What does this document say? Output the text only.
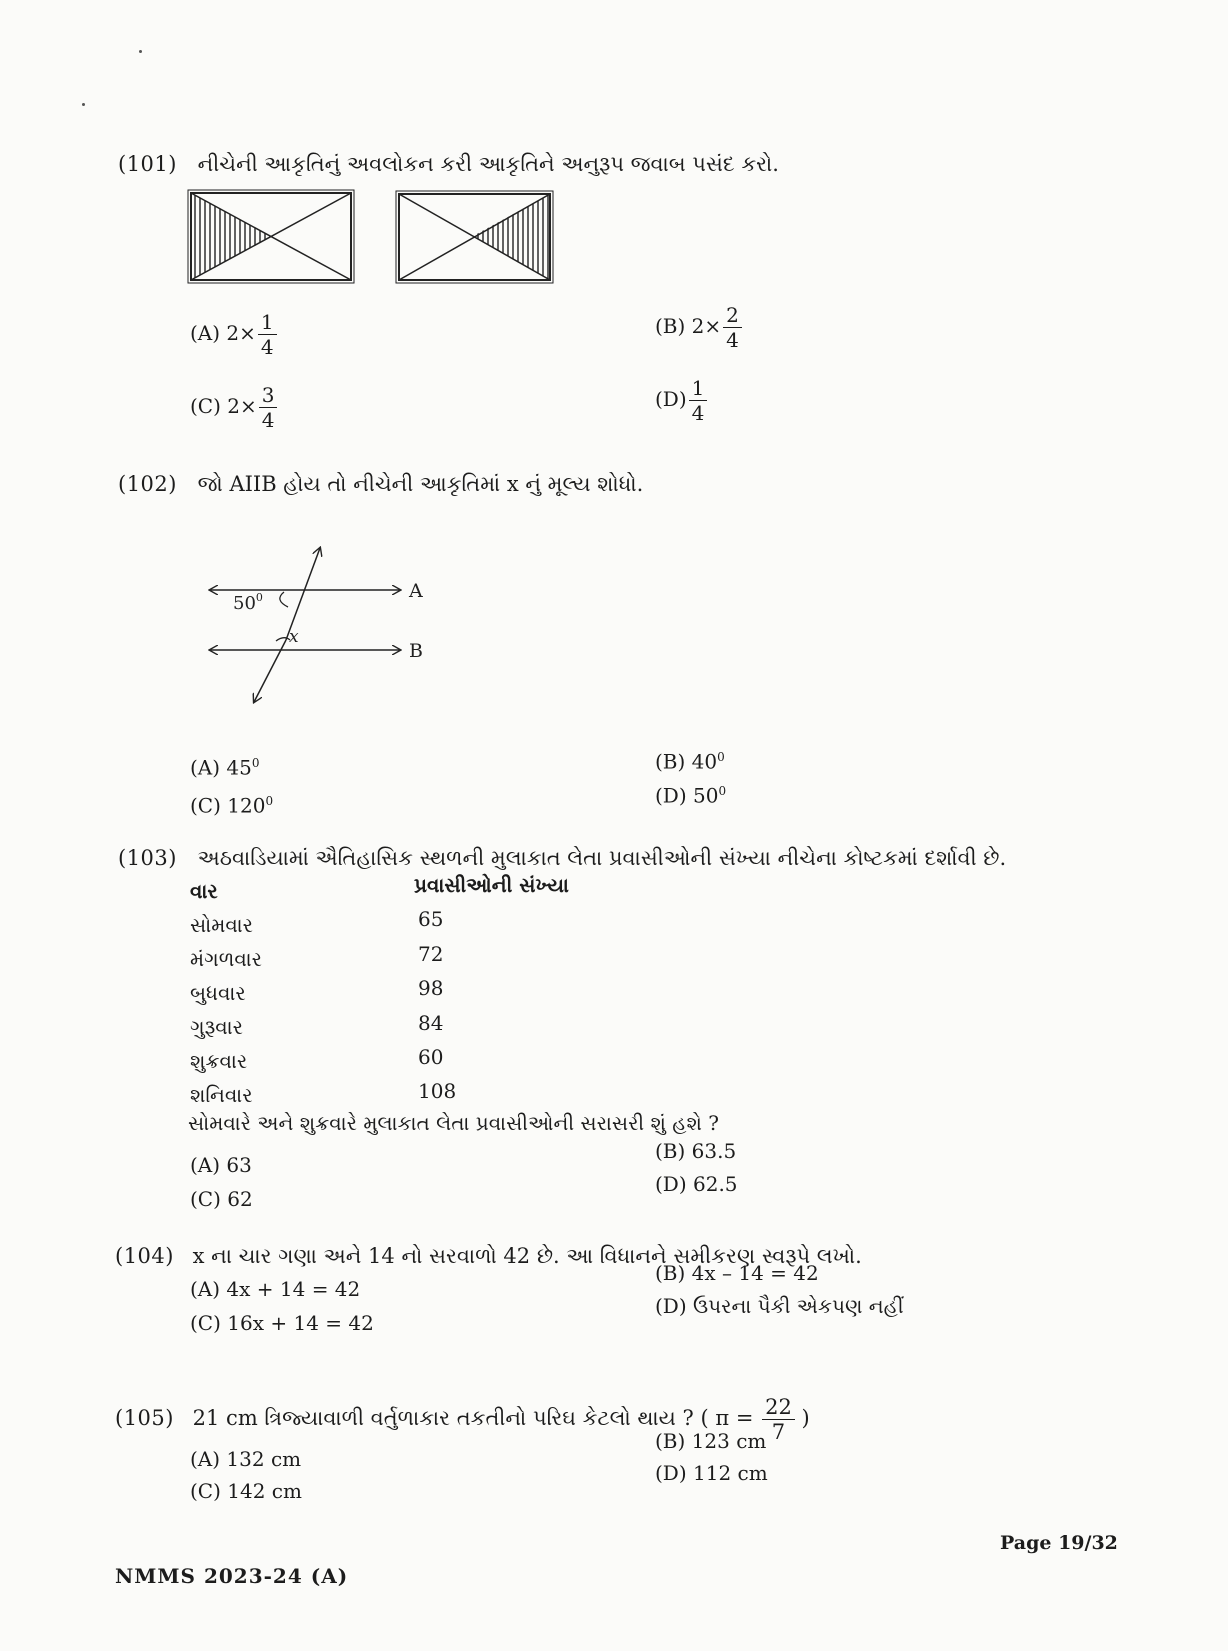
(101) નીચેની આકૃતિનું અવલોકન કરી આકૃતિને અનુરૂપ જવાબ પસંદ કરો.
(A) $2\times \frac{1}{4}$	(B) $2\times \frac{2}{4}$
(C) $2\times \frac{3}{4}$	$(D) \frac{1}{4}$
(102) જો AIIB હોય તો નીચેની આકૃતિમાં x નું મૂલ્ય શોધો.
$50^0$
x
A
B
(A) $45^0$	(B) $40^0$
(C) $120^0$	(D) $50^0$
(103) અઠવાડિયામાં ઐતિહાસિક સ્થળની મુલાકાત લેતા પ્રવાસીઓની સંખ્યા નીચેના કોષ્ટકમાં દર્શાવી છે.
વાર	પ્રવાસીઓની સંખ્યા
સોમવાર	65
મંગળવાર	72
બુધવાર	98
ગુરૂવાર	84
શુક્રવાર	60
શનિવાર	108
સોમવારે અને શુક્રવારે મુલાકાત લેતા પ્રવાસીઓની સરાસરી શું હશે ?
(A) 63
(B) 63.5
(C) 62
(D) 62.5
(104) x ના ચાર ગણા અને 14 નો સરવાળો 42 છે. આ વિધાનને સમીકરણ સ્વરૂપે લખો.
(A) 4x + 14 = 42
(B) 4x – 14 = 42
(C) 16x + 14 = 42
(D) ઉપરના પૈકી એકપણ નહીં
(105) 21 cm ત્રિજ્યાવાળી વર્તુળાકાર તકતીનો પરિઘ કેટલો થાય ? ( $\pi = \frac{22}{7}$ )
(A) 132 cm
(B) 123 cm
(C) 142 cm
(D) 112 cm
Page 19/32
NMMS 2023-24 (A)
